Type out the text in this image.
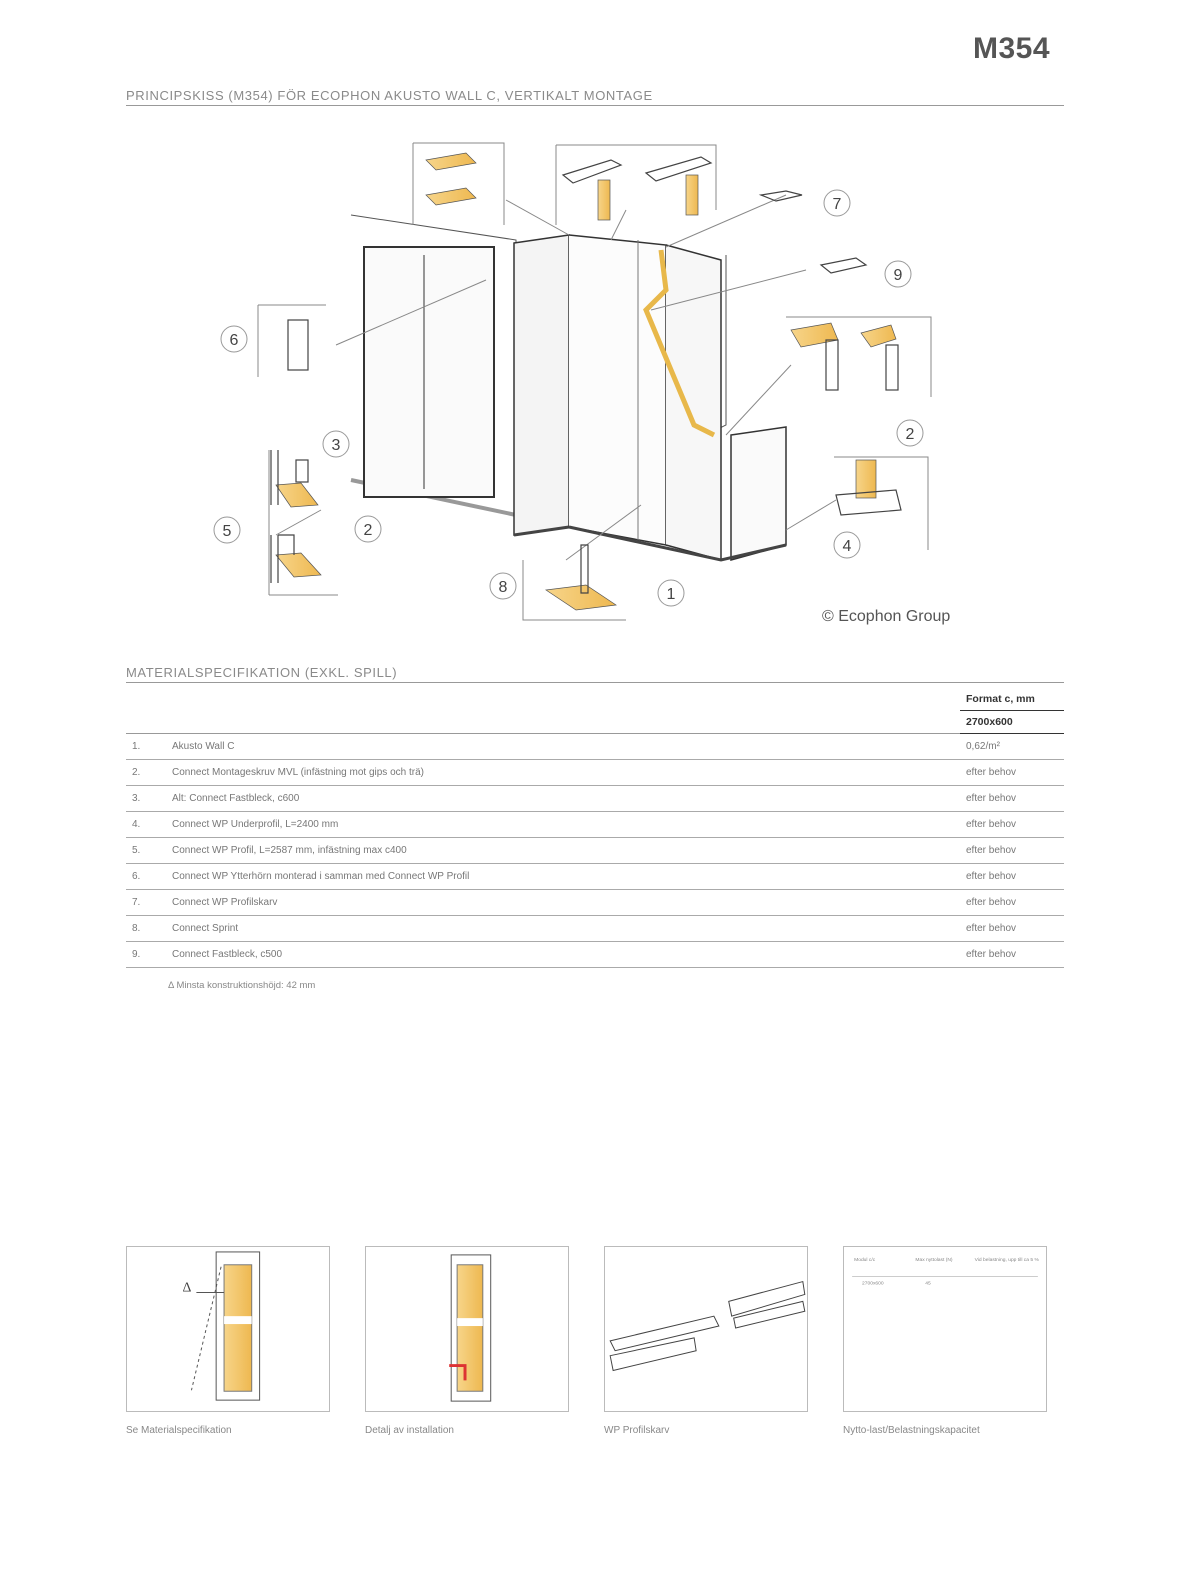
M354
PRINCIPSKISS (M354) FÖR ECOPHON AKUSTO WALL C, VERTIKALT MONTAGE
1
2
2
3
4
5
6
7
8
9
© Ecophon Group
MATERIALSPECIFIKATION (EXKL. SPILL)
		Format c, mm
		2700x600
1.	Akusto Wall C	0,62/m²
2.	Connect Montageskruv MVL (infästning mot gips och trä)	efter behov
3.	Alt: Connect Fastbleck, c600	efter behov
4.	Connect WP Underprofil, L=2400 mm	efter behov
5.	Connect WP Profil, L=2587 mm, infästning max c400	efter behov
6.	Connect WP Ytterhörn monterad i samman med Connect WP Profil	efter behov
7.	Connect WP Profilskarv	efter behov
8.	Connect Sprint	efter behov
9.	Connect Fastbleck, c500	efter behov
Δ Minsta konstruktionshöjd: 42 mm
Δ
Modul c/c	Max nyttolast (N)	Vid belastning, upp till ca 5 %
2700x600	45
Se Materialspecifikation	Detalj av installation	WP Profilskarv	Nytto-last/Belastningskapacitet
